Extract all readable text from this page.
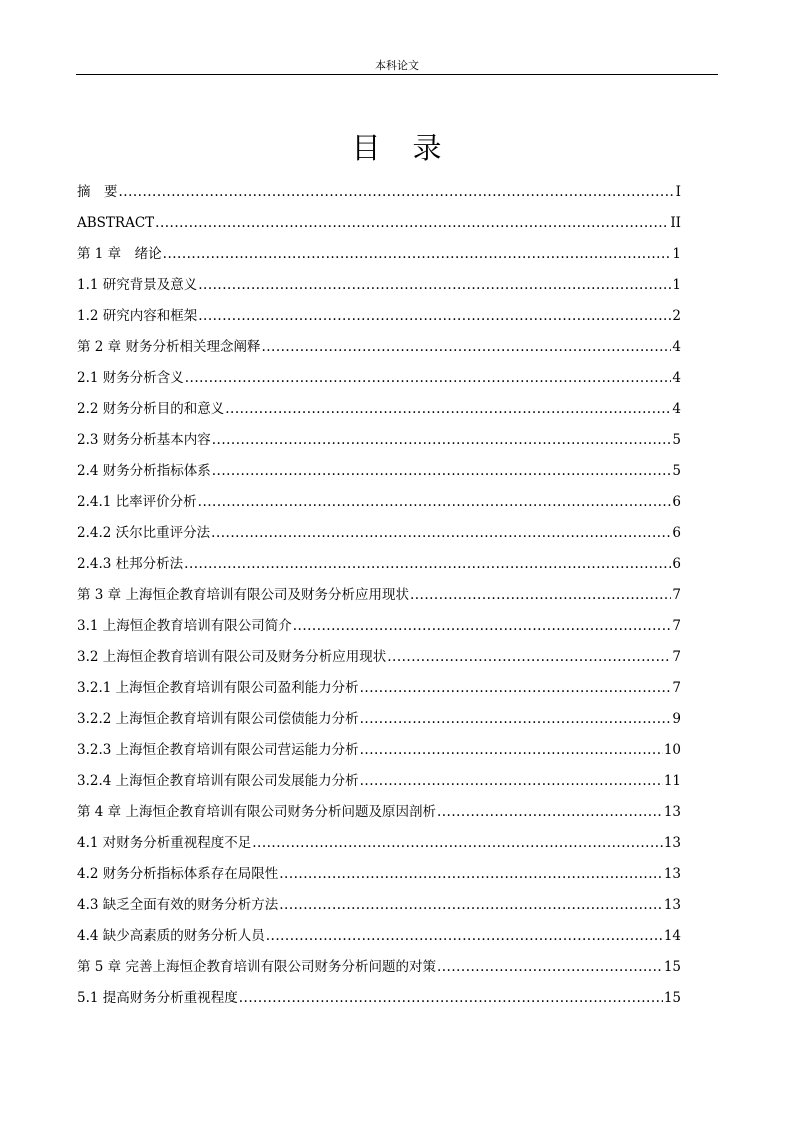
本科论文
目录
摘　要 .....	I
ABSTRACT .....	II
第 1 章　绪论 .....	1
1.1 研究背景及意义 .....	1
1.2 研究内容和框架 .....	2
第 2 章 财务分析相关理念阐释 .....	4
2.1 财务分析含义 .....	4
2.2 财务分析目的和意义 .....	4
2.3 财务分析基本内容 .....	5
2.4 财务分析指标体系 .....	5
2.4.1 比率评价分析 .....	6
2.4.2 沃尔比重评分法 .....	6
2.4.3 杜邦分析法 .....	6
第 3 章 上海恒企教育培训有限公司及财务分析应用现状 .....	7
3.1 上海恒企教育培训有限公司简介 .....	7
3.2 上海恒企教育培训有限公司及财务分析应用现状 .....	7
3.2.1 上海恒企教育培训有限公司盈利能力分析 .....	7
3.2.2 上海恒企教育培训有限公司偿债能力分析 .....	9
3.2.3 上海恒企教育培训有限公司营运能力分析 .....	10
3.2.4 上海恒企教育培训有限公司发展能力分析 .....	11
第 4 章 上海恒企教育培训有限公司财务分析问题及原因剖析 .....	13
4.1 对财务分析重视程度不足 .....	13
4.2 财务分析指标体系存在局限性 .....	13
4.3 缺乏全面有效的财务分析方法 .....	13
4.4 缺少高素质的财务分析人员 .....	14
第 5 章 完善上海恒企教育培训有限公司财务分析问题的对策 .....	15
5.1 提高财务分析重视程度 .....	15
